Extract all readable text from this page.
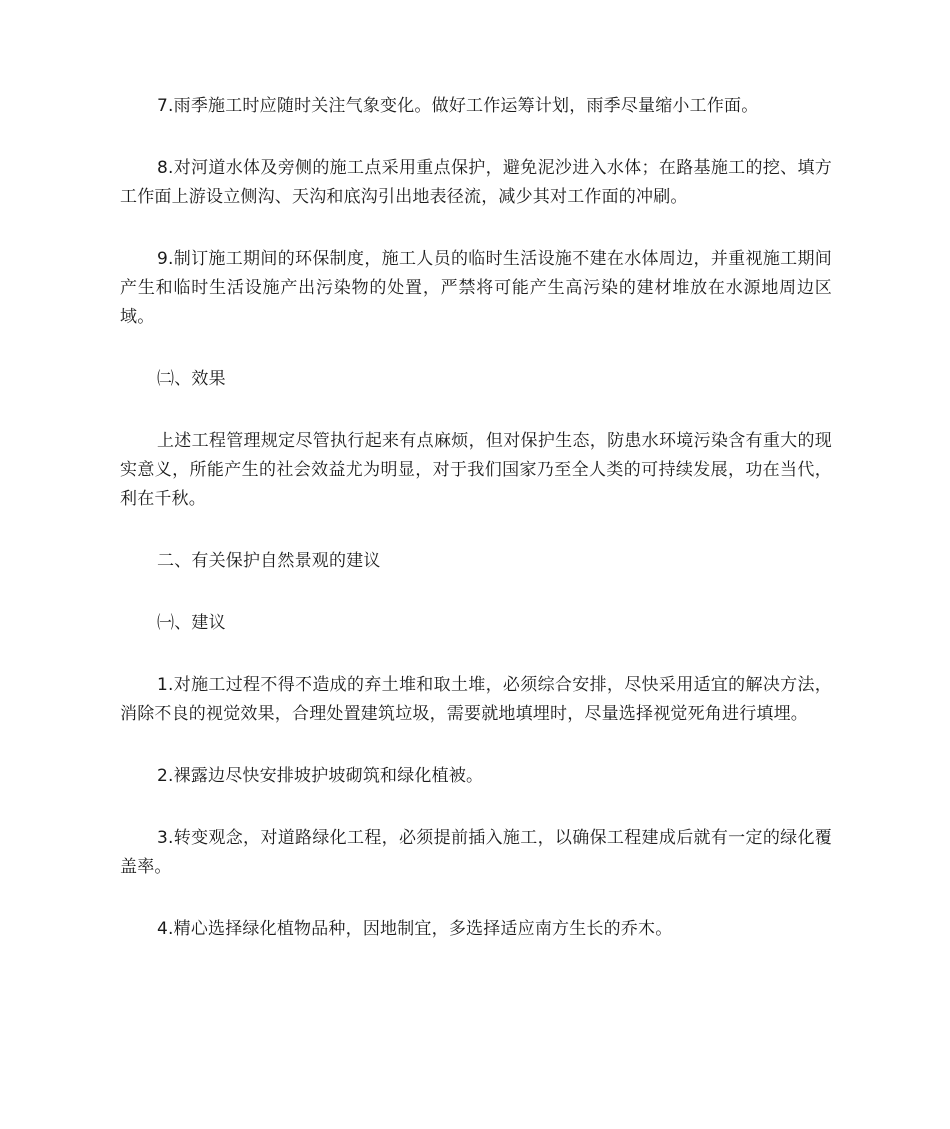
7.雨季施工时应随时关注气象变化。做好工作运筹计划，雨季尽量缩小工作面。

8.对河道水体及旁侧的施工点采用重点保护，避免泥沙进入水体；在路基施工的挖、填方工作面上游设立侧沟、天沟和底沟引出地表径流，减少其对工作面的冲刷。

9.制订施工期间的环保制度，施工人员的临时生活设施不建在水体周边，并重视施工期间产生和临时生活设施产出污染物的处置，严禁将可能产生高污染的建材堆放在水源地周边区域。

㈡、效果

上述工程管理规定尽管执行起来有点麻烦，但对保护生态，防患水环境污染含有重大的现实意义，所能产生的社会效益尤为明显，对于我们国家乃至全人类的可持续发展，功在当代，利在千秋。

二、有关保护自然景观的建议

㈠、建议

1.对施工过程不得不造成的弃土堆和取土堆，必须综合安排，尽快采用适宜的解决方法，消除不良的视觉效果，合理处置建筑垃圾，需要就地填埋时，尽量选择视觉死角进行填埋。

2.裸露边尽快安排坡护坡砌筑和绿化植被。

3.转变观念，对道路绿化工程，必须提前插入施工，以确保工程建成后就有一定的绿化覆盖率。

4.精心选择绿化植物品种，因地制宜，多选择适应南方生长的乔木。
